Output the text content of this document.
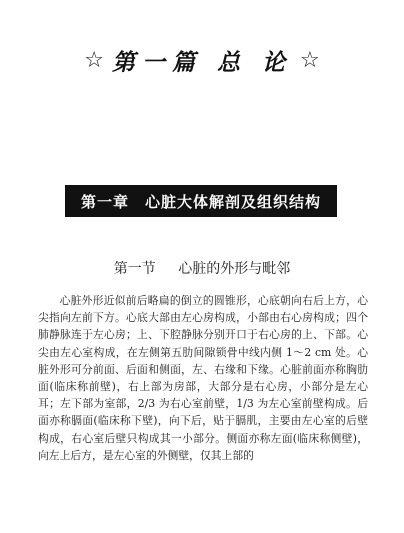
☆ 第一篇 总 论 ☆
第一章 心脏大体解剖及组织结构
第一节 心脏的外形与毗邻

心脏外形近似前后略扁的倒立的圆锥形，心底朝向右后上方，心尖指向左前下方。心底大部由左心房构成，小部由右心房构成；四个肺静脉连于左心房；上、下腔静脉分别开口于右心房的上、下部。心尖由左心室构成，在左侧第五肋间隙锁骨中线内侧 1～2 cm 处。心脏外形可分前面、后面和侧面，左、右缘和下缘。心脏前面亦称胸肋面(临床称前壁)，右上部为房部，大部分是右心房，小部分是左心耳；左下部为室部，2/3 为右心室前壁，1/3 为左心室前壁构成。后面亦称膈面(临床称下壁)，向下后，贴于膈肌，主要由左心室的后壁构成，右心室后壁只构成其一小部分。侧面亦称左面(临床称侧壁)，向左上后方，是左心室的外侧壁，仅其上部的
